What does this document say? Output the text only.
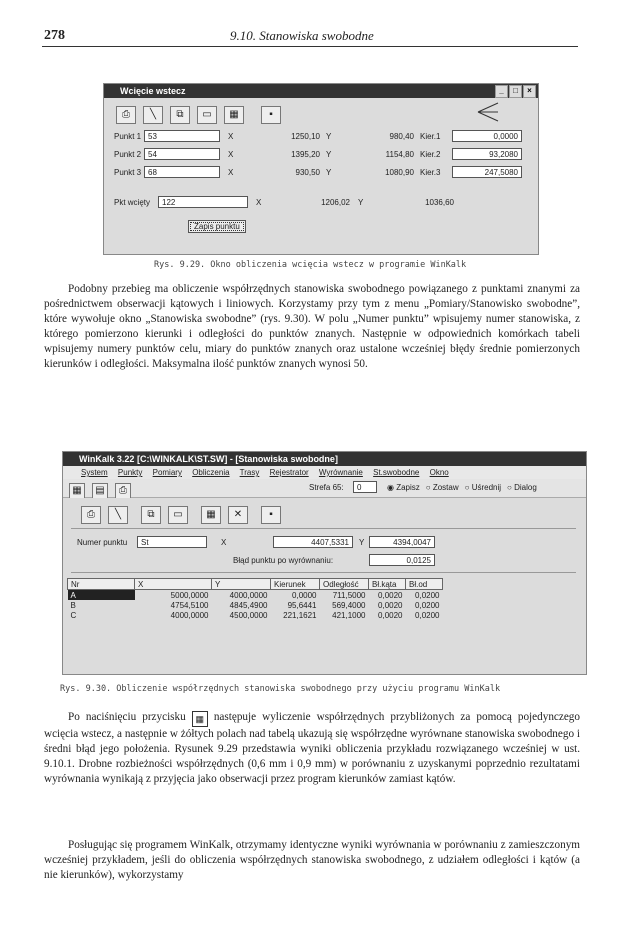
278	9.10. Stanowiska swobodne
Wcięcie wstecz	_	□	×
⎙ ╲ ⧉ ▭ ▦	▪
Punkt 1 53	X	1250,10 Y	980,40 Kier.1	0,0000
Punkt 2 54	X	1395,20 Y	1154,80 Kier.2	93,2080
Punkt 3 68	X	930,50 Y	1080,90 Kier.3	247,5080
Pkt wcięty	122	X	1206,02 Y	1036,60
Zapis punktu
Rys. 9.29. Okno obliczenia wcięcia wstecz w programie WinKalk

Podobny przebieg ma obliczenie współrzędnych stanowiska swobodnego powiązanego z punktami znanymi za pośrednictwem obserwacji kątowych i liniowych. Korzystamy przy tym z menu „Pomiary/Stanowisko swobodne”, które wywołuje okno „Stanowiska swobodne” (rys. 9.30). W polu „Numer punktu” wpisujemy numer stanowiska, z którego pomierzono kierunki i odległości do punktów znanych. Następnie w odpowiednich komórkach tabeli wpisujemy numery punktów celu, miary do punktów znanych oraz ustalone wcześniej błędy średnie pomierzonych kierunków i odległości. Maksymalna ilość punktów znanych wynosi 50.

WinKalk 3.22 [C:\WINKALK\ST.SW] - [Stanowiska swobodne]
System Punkty Pomiary Obliczenia Trasy Rejestrator Wyrównanie St.swobodne Okno
▦ ▤ ⎙	Strefa 65:	0	◉ Zapisz ○ Zostaw ○ Uśrednij ○ Dialog
⎙ ╲	⧉ ▭ ▦ ✕	▪
Numer punktu	St	X	4407,5331	Y	4394,0047
Błąd punktu po wyrównaniu:	0,0125
Nr	X	Y	Kierunek	Odległość	Bł.kąta	Bł.od
A	5000,0000	4000,0000	0,0000	711,5000	0,0020	0,0200
B	4754,5100	4845,4900	95,6441	569,4000	0,0020	0,0200
C	4000,0000	4500,0000	221,1621	421,1000	0,0020	0,0200
Rys. 9.30. Obliczenie współrzędnych stanowiska swobodnego przy użyciu programu WinKalk

Po naciśnięciu przycisku ▦ następuje wyliczenie współrzędnych przybliżonych za pomocą pojedynczego wcięcia wstecz, a następnie w żółtych polach nad tabelą ukazują się współrzędne wyrównane stanowiska swobodnego i średni błąd jego położenia. Rysunek 9.29 przedstawia wyniki obliczenia przykładu rozwiązanego wcześniej w ust. 9.10.1. Drobne rozbieżności współrzędnych (0,6 mm i 0,9 mm) w porównaniu z uzyskanymi poprzednio rezultatami wyrównania wynikają z przyjęcia jako obserwacji przez program kierunków zamiast kątów.

Posługując się programem WinKalk, otrzymamy identyczne wyniki wyrównania w porównaniu z zamieszczonym wcześniej przykładem, jeśli do obliczenia współrzędnych stanowiska swobodnego, z udziałem odległości i kątów (a nie kierunków), wykorzystamy
